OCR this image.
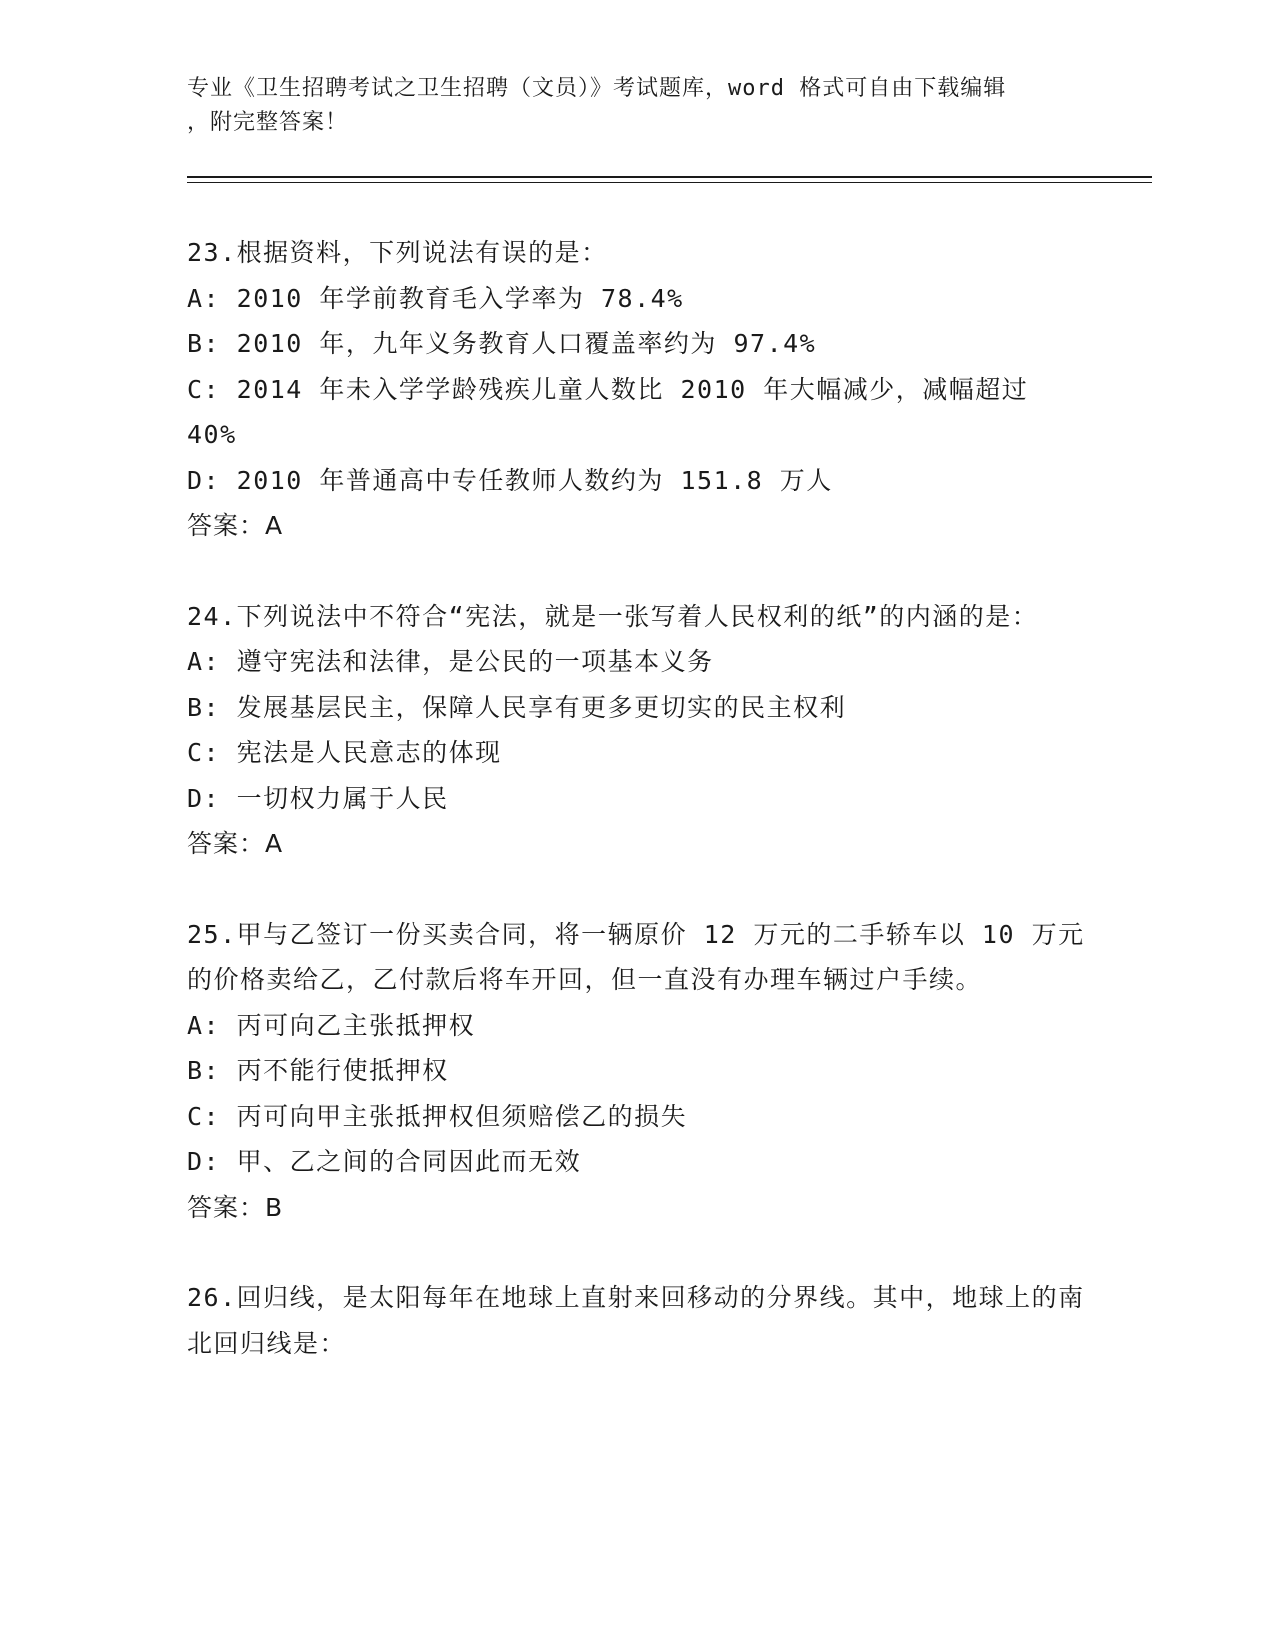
专业《卫生招聘考试之卫生招聘（文员）》考试题库，word 格式可自由下载编辑
，附完整答案！
23.根据资料，下列说法有误的是：
A: 2010 年学前教育毛入学率为 78.4%
B: 2010 年，九年义务教育人口覆盖率约为 97.4%
C: 2014 年未入学学龄残疾儿童人数比 2010 年大幅减少，减幅超过 40%
D: 2010 年普通高中专任教师人数约为 151.8 万人
答案：A
24.下列说法中不符合“宪法，就是一张写着人民权利的纸”的内涵的是：
A: 遵守宪法和法律，是公民的一项基本义务
B: 发展基层民主，保障人民享有更多更切实的民主权利
C: 宪法是人民意志的体现
D: 一切权力属于人民
答案：A
25.甲与乙签订一份买卖合同，将一辆原价 12 万元的二手轿车以 10 万元的价格卖给乙，乙付款后将车开回，但一直没有办理车辆过户手续。
A: 丙可向乙主张抵押权
B: 丙不能行使抵押权
C: 丙可向甲主张抵押权但须赔偿乙的损失
D: 甲、乙之间的合同因此而无效
答案：B
26.回归线，是太阳每年在地球上直射来回移动的分界线。其中，地球上的南北回归线是：
